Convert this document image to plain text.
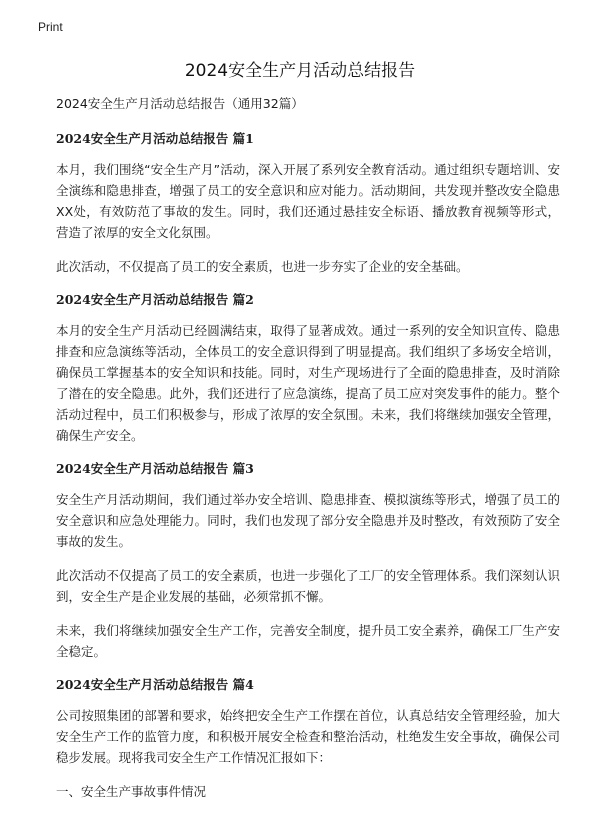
Print
2024安全生产月活动总结报告
2024安全生产月活动总结报告（通用32篇）
2024安全生产月活动总结报告 篇1

本月，我们围绕“安全生产月”活动，深入开展了系列安全教育活动。通过组织专题培训、安全演练和隐患排查，增强了员工的安全意识和应对能力。活动期间，共发现并整改安全隐患XX处，有效防范了事故的发生。同时，我们还通过悬挂安全标语、播放教育视频等形式，营造了浓厚的安全文化氛围。

此次活动，不仅提高了员工的安全素质，也进一步夯实了企业的安全基础。

2024安全生产月活动总结报告 篇2

本月的安全生产月活动已经圆满结束，取得了显著成效。通过一系列的安全知识宣传、隐患排查和应急演练等活动，全体员工的安全意识得到了明显提高。我们组织了多场安全培训，确保员工掌握基本的安全知识和技能。同时，对生产现场进行了全面的隐患排查，及时消除了潜在的安全隐患。此外，我们还进行了应急演练，提高了员工应对突发事件的能力。整个活动过程中，员工们积极参与，形成了浓厚的安全氛围。未来，我们将继续加强安全管理，确保生产安全。

2024安全生产月活动总结报告 篇3

安全生产月活动期间，我们通过举办安全培训、隐患排查、模拟演练等形式，增强了员工的安全意识和应急处理能力。同时，我们也发现了部分安全隐患并及时整改，有效预防了安全事故的发生。

此次活动不仅提高了员工的安全素质，也进一步强化了工厂的安全管理体系。我们深刻认识到，安全生产是企业发展的基础，必须常抓不懈。

未来，我们将继续加强安全生产工作，完善安全制度，提升员工安全素养，确保工厂生产安全稳定。

2024安全生产月活动总结报告 篇4

公司按照集团的部署和要求，始终把安全生产工作摆在首位，认真总结安全管理经验，加大安全生产工作的监管力度，和积极开展安全检查和整治活动，杜绝发生安全事故，确保公司稳步发展。现将我司安全生产工作情况汇报如下：

一、安全生产事故事件情况
